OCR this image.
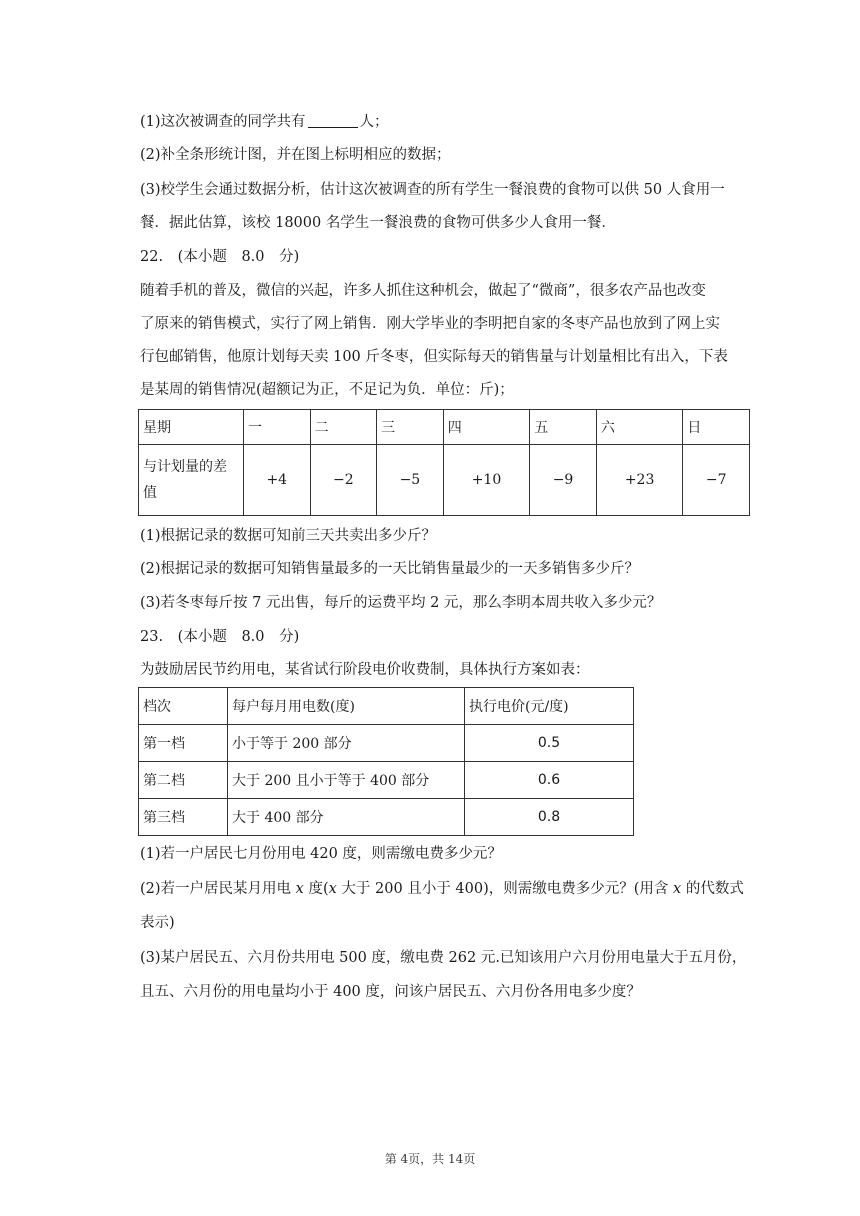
(1)这次被调查的同学共有	人；
(2)补全条形统计图，并在图上标明相应的数据；
(3)校学生会通过数据分析，估计这次被调查的所有学生一餐浪费的食物可以供 50 人食用一
餐．据此估算，该校 18000 名学生一餐浪费的食物可供多少人食用一餐．
22. (本小题 8.0 分)
随着手机的普及，微信的兴起，许多人抓住这种机会，做起了“微商”，很多农产品也改变
了原来的销售模式，实行了网上销售．刚大学毕业的李明把自家的冬枣产品也放到了网上实
行包邮销售，他原计划每天卖 100 斤冬枣，但实际每天的销售量与计划量相比有出入，下表
是某周的销售情况(超额记为正，不足记为负．单位：斤)；
星期	一	二	三	四	五	六	日
与计划量的差值	+4	−2	−5	+10	−9	+23	−7
(1)根据记录的数据可知前三天共卖出多少斤？
(2)根据记录的数据可知销售量最多的一天比销售量最少的一天多销售多少斤？
(3)若冬枣每斤按 7 元出售，每斤的运费平均 2 元，那么李明本周共收入多少元？
23. (本小题 8.0 分)
为鼓励居民节约用电，某省试行阶段电价收费制，具体执行方案如表：
档次	每户每月用电数(度)	执行电价(元/度)
第一档	小于等于 200 部分	0.5
第二档	大于 200 且小于等于 400 部分	0.6
第三档	大于 400 部分	0.8
(1)若一户居民七月份用电 420 度，则需缴电费多少元？
(2)若一户居民某月用电 x 度(x 大于 200 且小于 400)，则需缴电费多少元？(用含 x 的代数式
表示)
(3)某户居民五、六月份共用电 500 度，缴电费 262 元.已知该用户六月份用电量大于五月份，
且五、六月份的用电量均小于 400 度，问该户居民五、六月份各用电多少度？
第 4页，共 14页
